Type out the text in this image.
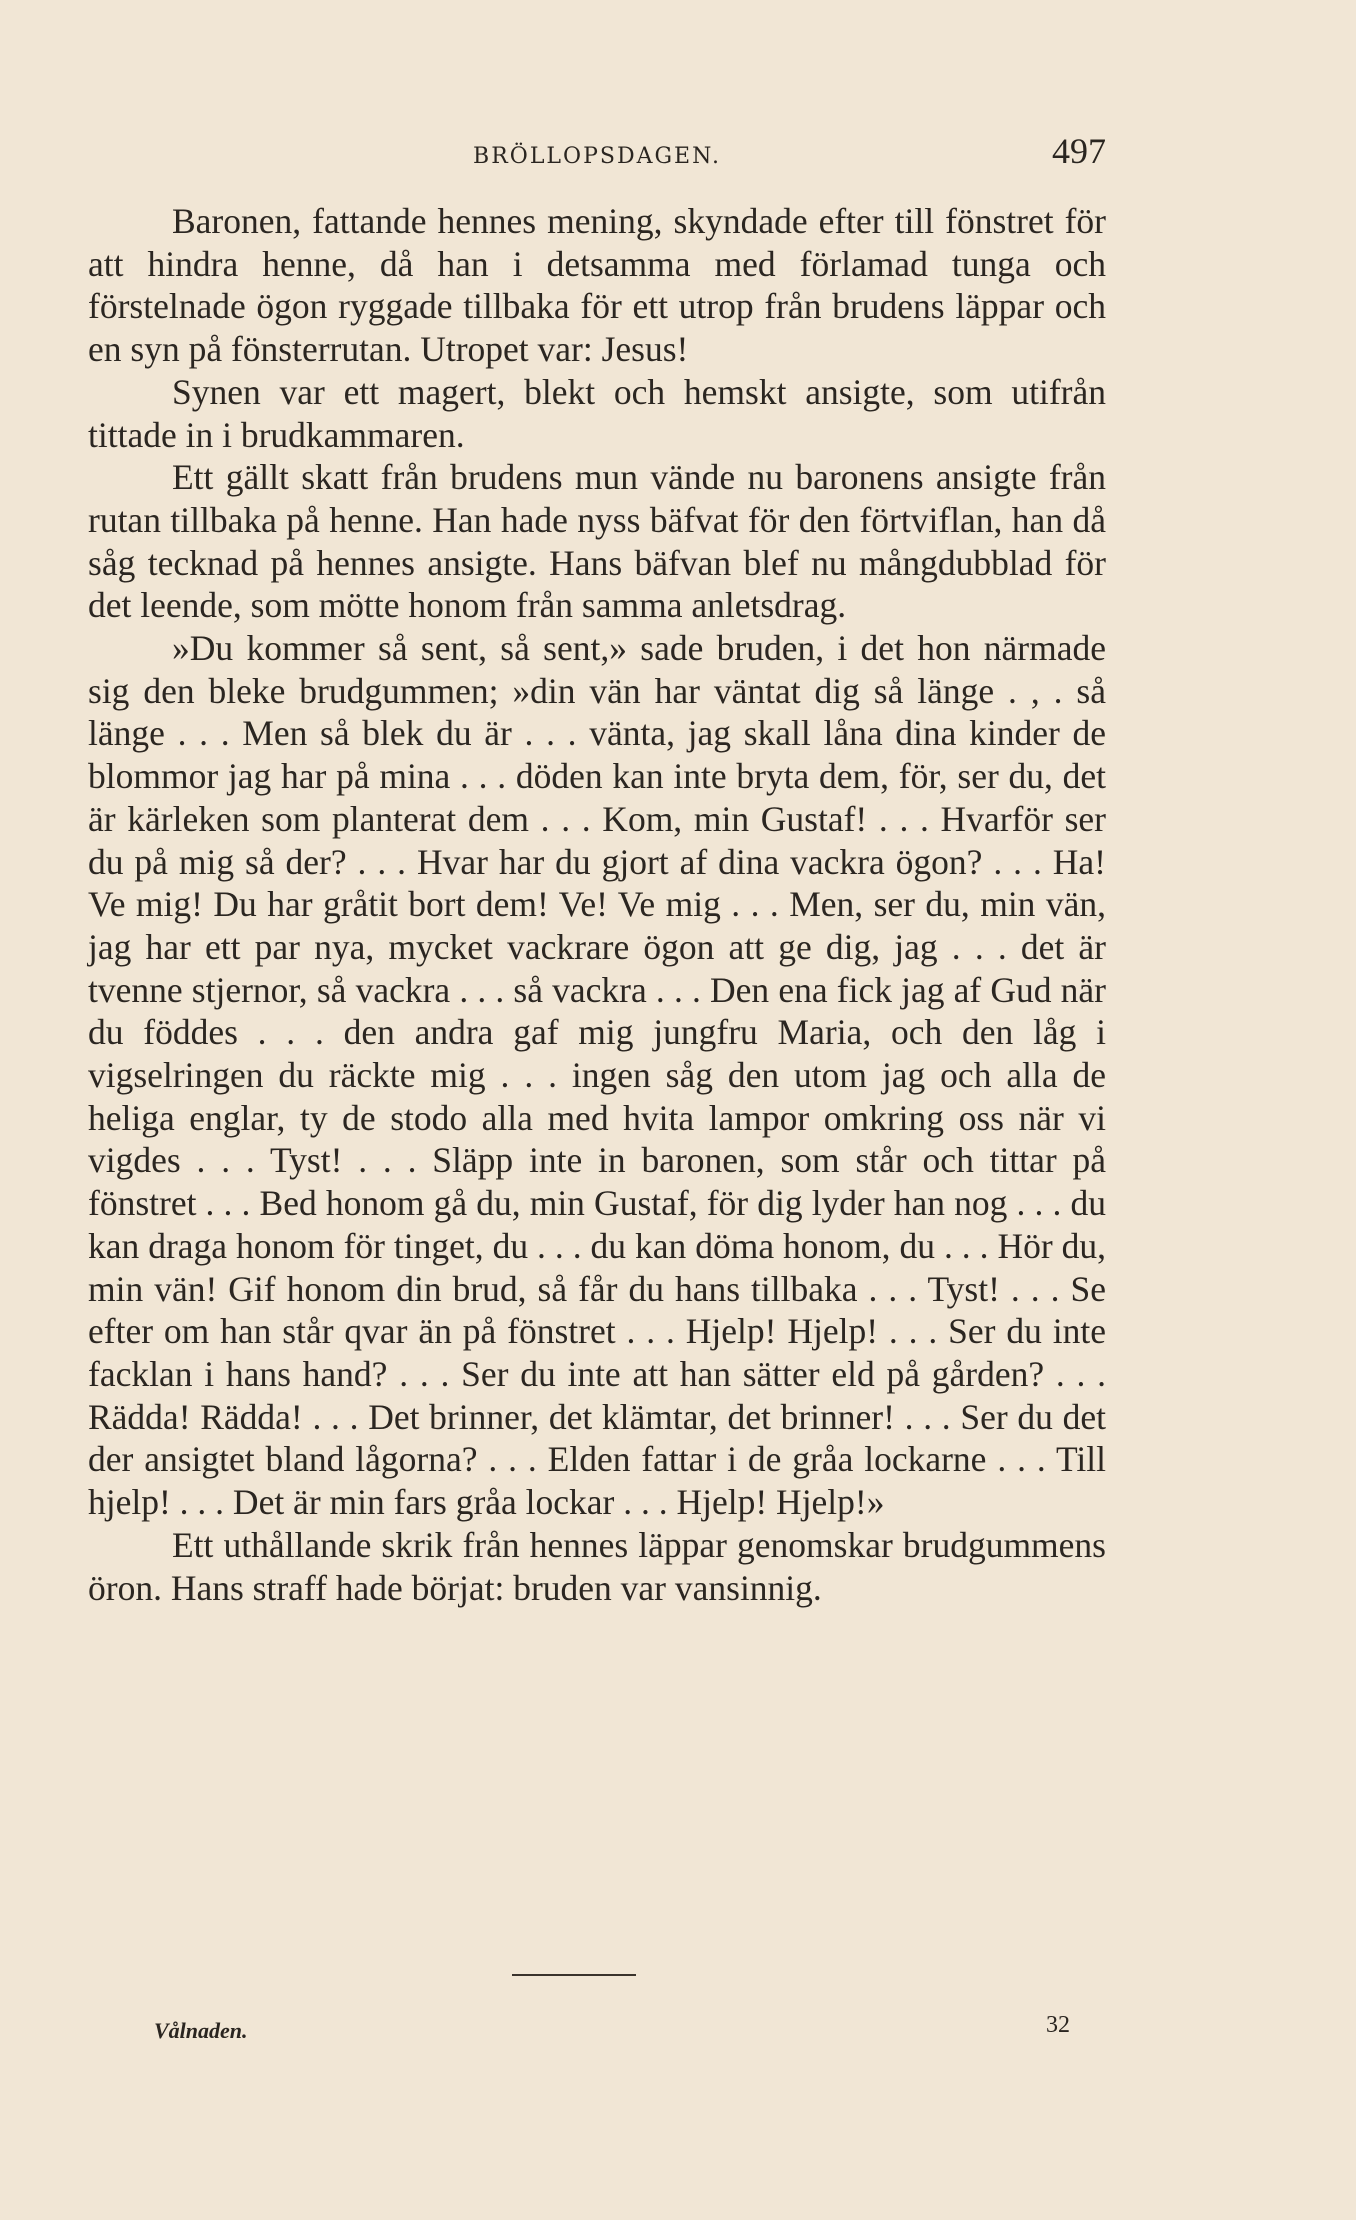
BRÖLLOPSDAGEN.	497

Baronen, fattande hennes mening, skyndade efter till fönstret för att hindra henne, då han i detsamma med förlamad tunga och förstelnade ögon ryggade tillbaka för ett utrop från brudens läppar och en syn på fönsterrutan. Utropet var: Jesus!

Synen var ett magert, blekt och hemskt ansigte, som utifrån tittade in i brudkammaren.

Ett gällt skatt från brudens mun vände nu baronens ansigte från rutan tillbaka på henne. Han hade nyss bäfvat för den förtviflan, han då såg tecknad på hennes ansigte. Hans bäfvan blef nu mångdubblad för det leende, som mötte honom från samma anletsdrag.

»Du kommer så sent, så sent,» sade bruden, i det hon närmade sig den bleke brudgummen; »din vän har väntat dig så länge . , . så länge . . . Men så blek du är . . . vänta, jag skall låna dina kinder de blommor jag har på mina . . . döden kan inte bryta dem, för, ser du, det är kärleken som planterat dem . . . Kom, min Gustaf! . . . Hvarför ser du på mig så der? . . . Hvar har du gjort af dina vackra ögon? . . . Ha! Ve mig! Du har gråtit bort dem! Ve! Ve mig . . . Men, ser du, min vän, jag har ett par nya, mycket vackrare ögon att ge dig, jag . . . det är tvenne stjernor, så vackra . . . så vackra . . . Den ena fick jag af Gud när du föddes . . . den andra gaf mig jungfru Maria, och den låg i vigselringen du räckte mig . . . ingen såg den utom jag och alla de heliga englar, ty de stodo alla med hvita lampor omkring oss när vi vigdes . . . Tyst! . . . Släpp inte in baronen, som står och tittar på fönstret . . . Bed honom gå du, min Gustaf, för dig lyder han nog . . . du kan draga honom för tinget, du . . . du kan döma honom, du . . . Hör du, min vän! Gif honom din brud, så får du hans tillbaka . . . Tyst! . . . Se efter om han står qvar än på fönstret . . . Hjelp! Hjelp! . . . Ser du inte facklan i hans hand? . . . Ser du inte att han sätter eld på gården? . . . Rädda! Rädda! . . . Det brinner, det klämtar, det brinner! . . . Ser du det der ansigtet bland lågorna? . . . Elden fattar i de gråa lockarne . . . Till hjelp! . . . Det är min fars gråa lockar . . . Hjelp! Hjelp!»

Ett uthållande skrik från hennes läppar genomskar brudgummens öron. Hans straff hade börjat: bruden var vansinnig.

Vålnaden.	32
